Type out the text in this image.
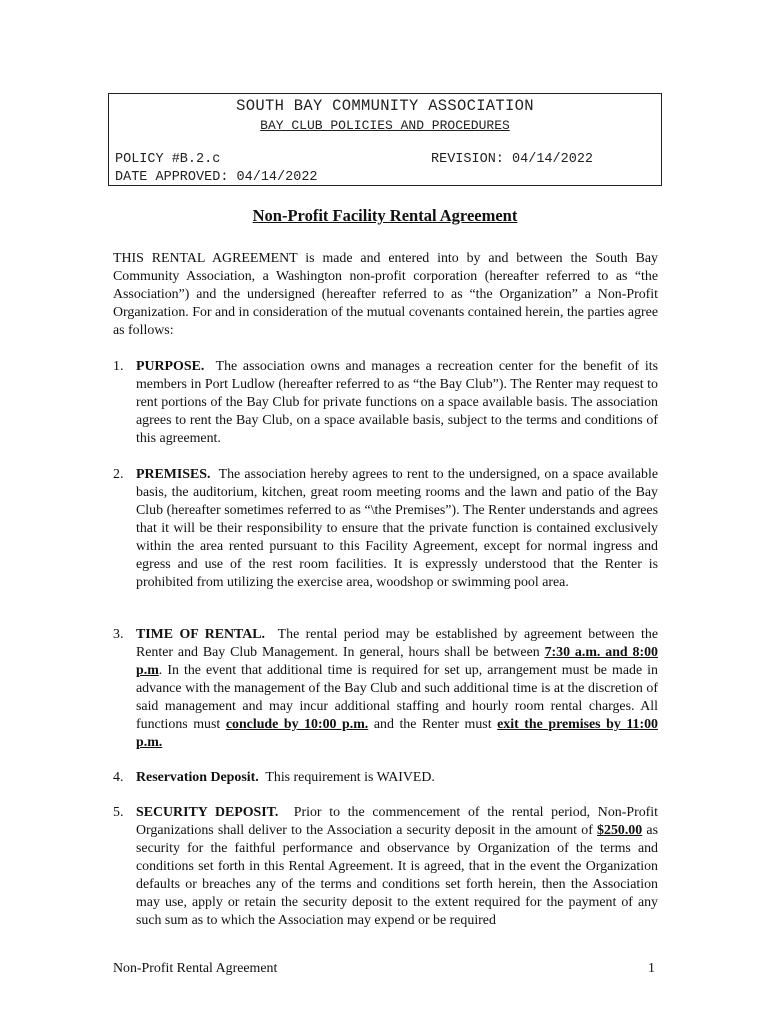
SOUTH BAY COMMUNITY ASSOCIATION
BAY CLUB POLICIES AND PROCEDURES
POLICY #B.2.c	REVISION: 04/14/2022
DATE APPROVED: 04/14/2022
Non-Profit Facility Rental Agreement
THIS RENTAL AGREEMENT is made and entered into by and between the South Bay Community Association, a Washington non-profit corporation (hereafter referred to as “the Association”) and the undersigned (hereafter referred to as “the Organization” a Non-Profit Organization. For and in consideration of the mutual covenants contained herein, the parties agree as follows:
1. PURPOSE. The association owns and manages a recreation center for the benefit of its members in Port Ludlow (hereafter referred to as “the Bay Club”). The Renter may request to rent portions of the Bay Club for private functions on a space available basis. The association agrees to rent the Bay Club, on a space available basis, subject to the terms and conditions of this agreement.
2. PREMISES. The association hereby agrees to rent to the undersigned, on a space available basis, the auditorium, kitchen, great room meeting rooms and the lawn and patio of the Bay Club (hereafter sometimes referred to as “\the Premises”). The Renter understands and agrees that it will be their responsibility to ensure that the private function is contained exclusively within the area rented pursuant to this Facility Agreement, except for normal ingress and egress and use of the rest room facilities. It is expressly understood that the Renter is prohibited from utilizing the exercise area, woodshop or swimming pool area.
3. TIME OF RENTAL. The rental period may be established by agreement between the Renter and Bay Club Management. In general, hours shall be between 7:30 a.m. and 8:00 p.m. In the event that additional time is required for set up, arrangement must be made in advance with the management of the Bay Club and such additional time is at the discretion of said management and may incur additional staffing and hourly room rental charges. All functions must conclude by 10:00 p.m. and the Renter must exit the premises by 11:00 p.m.
4. Reservation Deposit. This requirement is WAIVED.
5. SECURITY DEPOSIT. Prior to the commencement of the rental period, Non-Profit Organizations shall deliver to the Association a security deposit in the amount of $250.00 as security for the faithful performance and observance by Organization of the terms and conditions set forth in this Rental Agreement. It is agreed, that in the event the Organization defaults or breaches any of the terms and conditions set forth herein, then the Association may use, apply or retain the security deposit to the extent required for the payment of any such sum as to which the Association may expend or be required
Non-Profit Rental Agreement	1
